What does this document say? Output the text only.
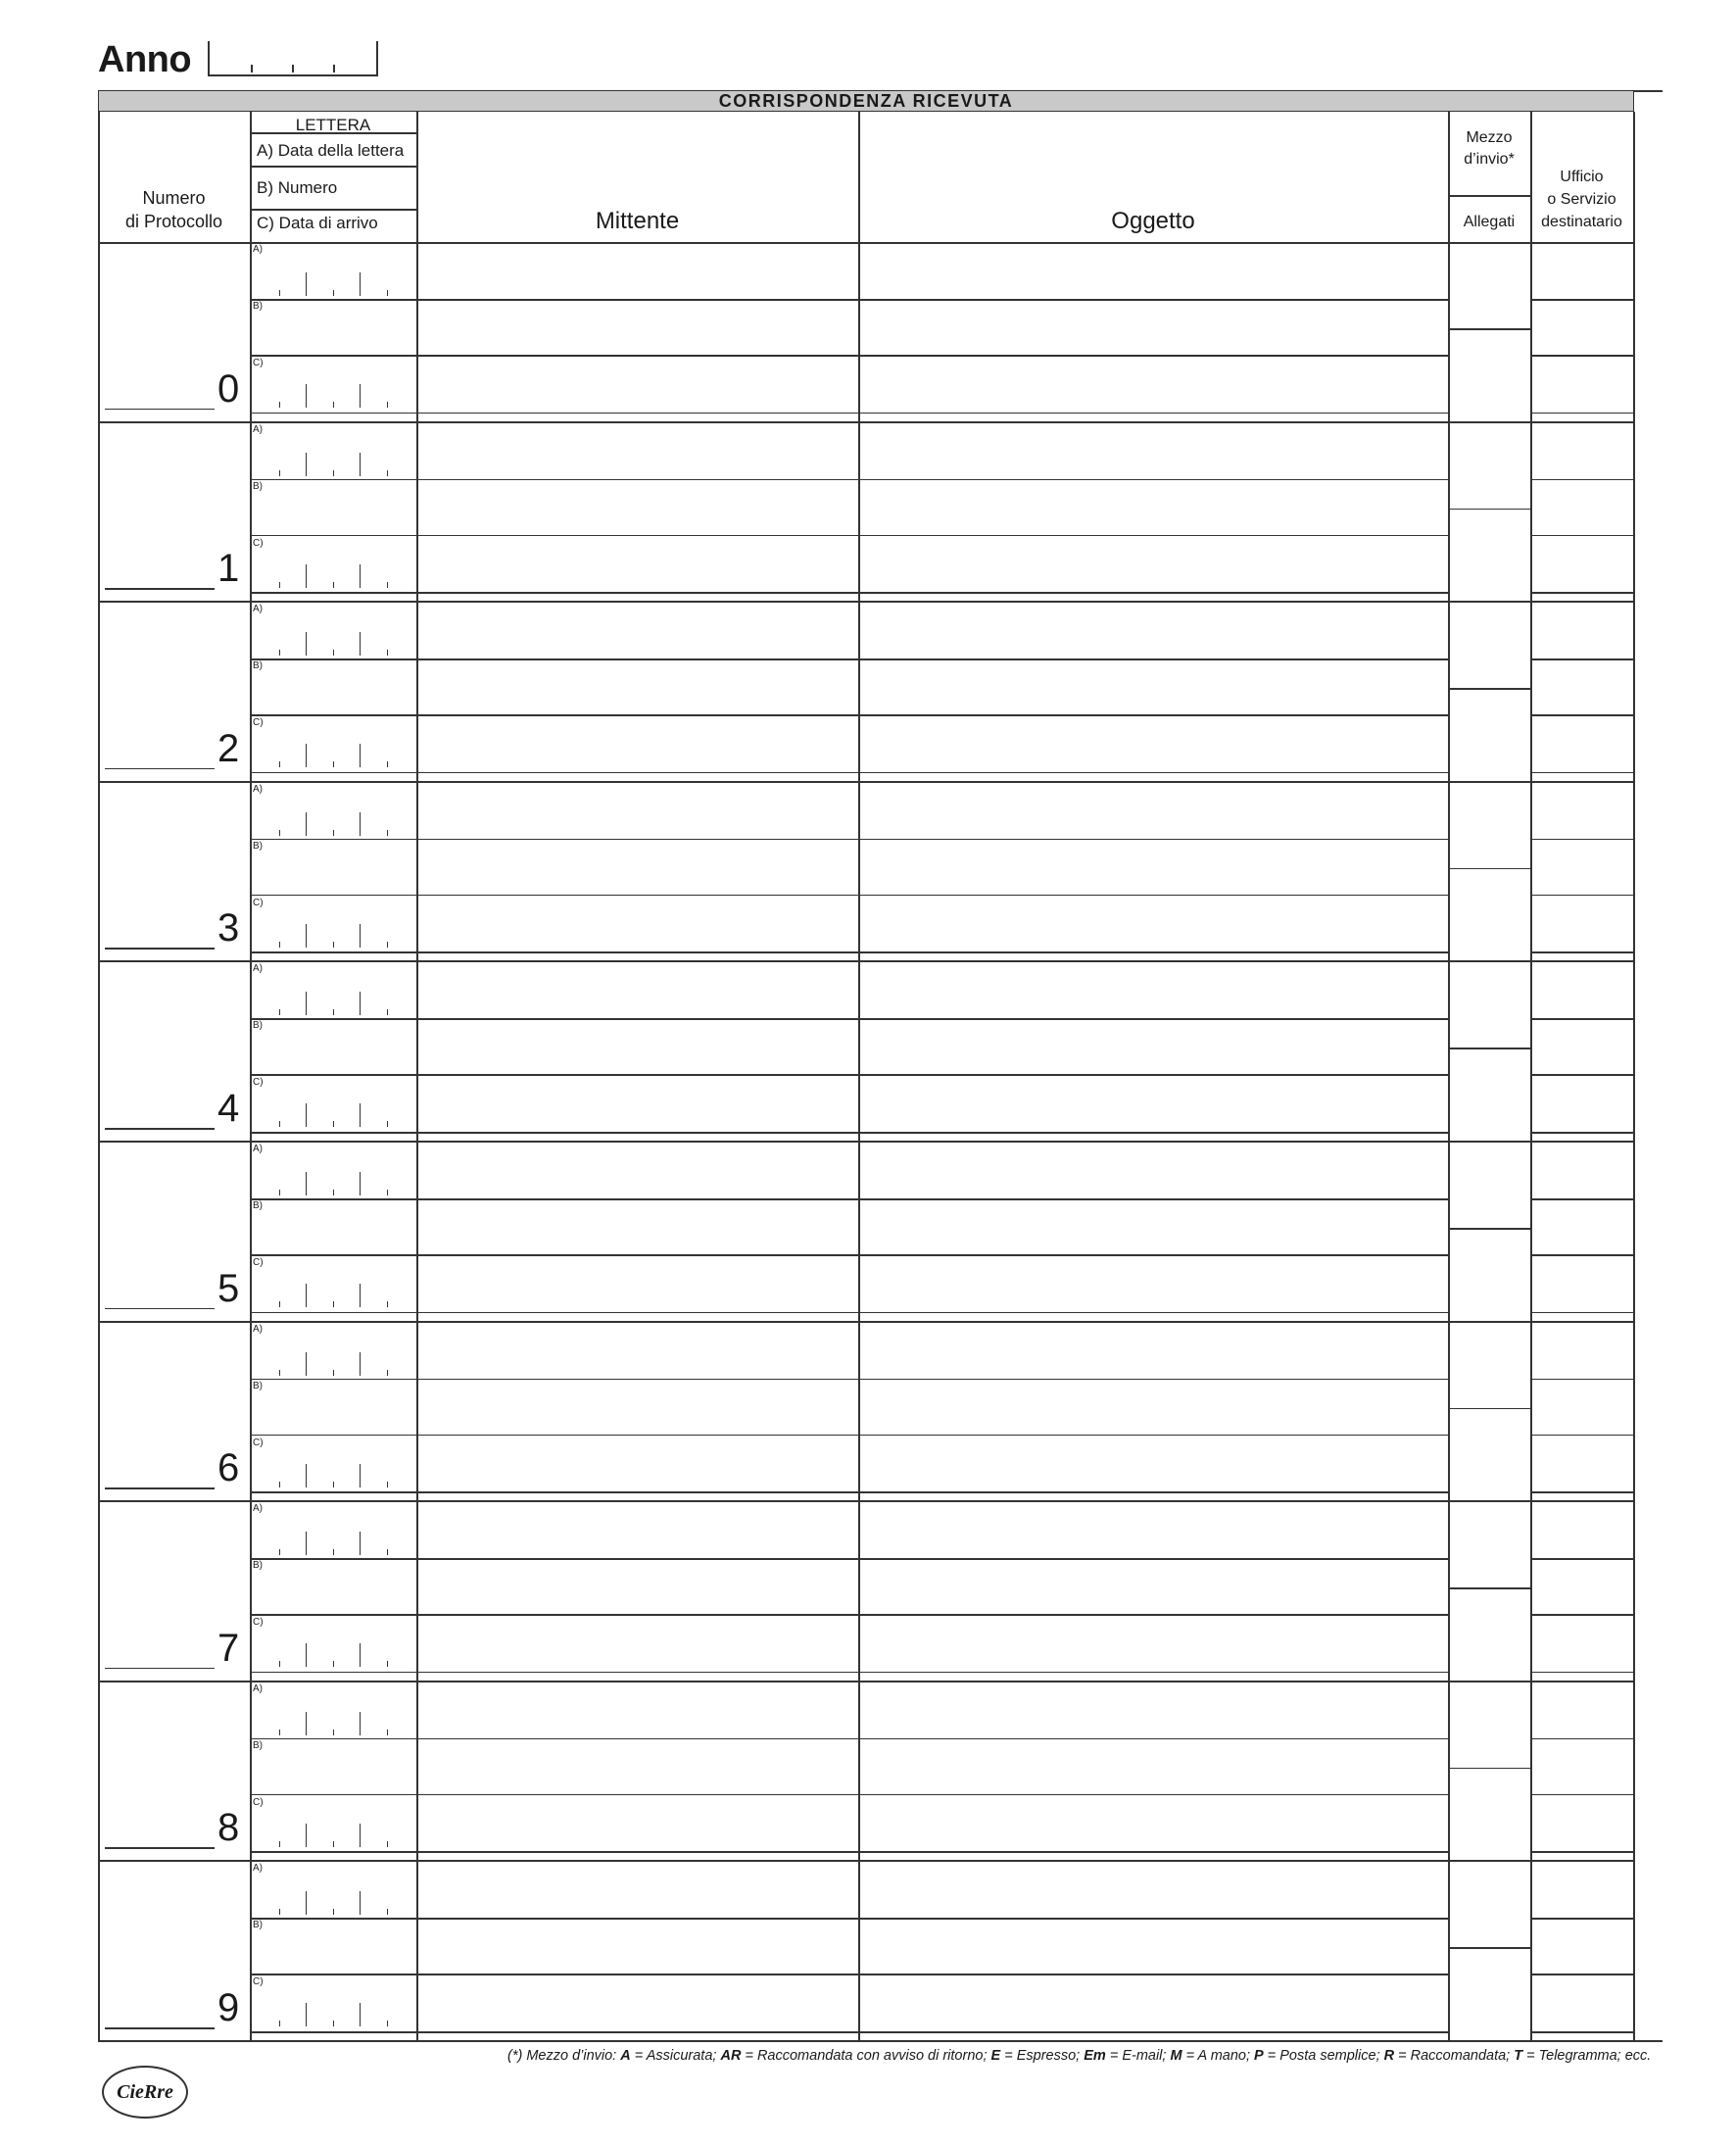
Anno
CORRISPONDENZA RICEVUTA
Numero
di Protocollo
LETTERA
A) Data della lettera
B) Numero
C) Data di arrivo	Mittente	Oggetto
Mezzo
d’invio*
Allegati
Ufficio
o Servizio
destinatario
A)
B)
C)
0
A)
B)
C)
1
A)
B)
C)
2
A)
B)
C)
3
A)
B)
C)
4
A)
B)
C)
5
A)
B)
C)
6
A)
B)
C)
7
A)
B)
C)
8
A)
B)
C)
9
(*) Mezzo d’invio: A = Assicurata; AR = Raccomandata con avviso di ritorno; E = Espresso; Em = E-mail; M = A mano; P = Posta semplice; R = Raccomandata; T = Telegramma; ecc.
CieRre
